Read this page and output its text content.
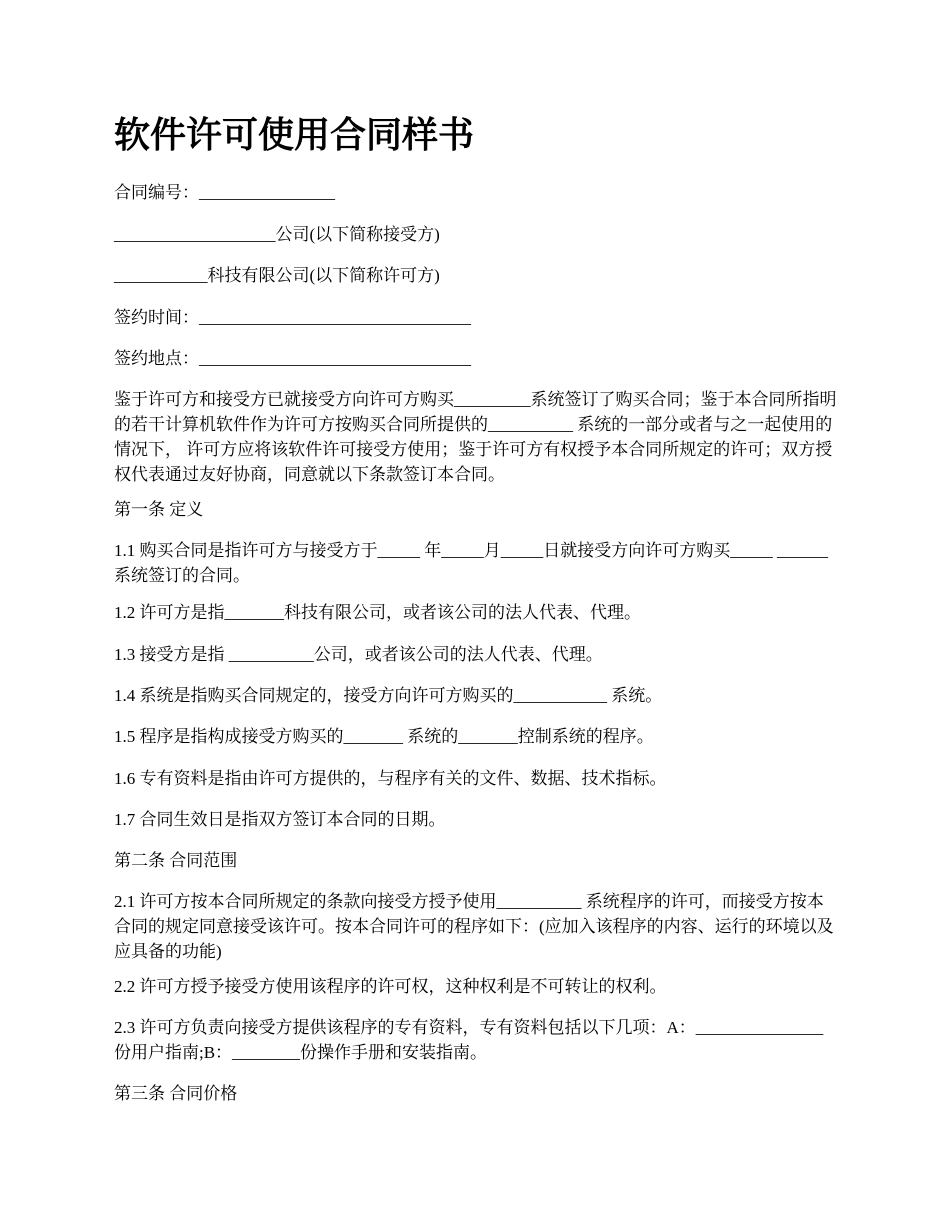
软件许可使用合同样书

合同编号：________________

___________________公司(以下简称接受方)

___________科技有限公司(以下简称许可方)

签约时间：________________________________

签约地点：________________________________

鉴于许可方和接受方已就接受方向许可方购买_________系统签订了购买合同；鉴于本合同所指明的若干计算机软件作为许可方按购买合同所提供的__________ 系统的一部分或者与之一起使用的情况下， 许可方应将该软件许可接受方使用；鉴于许可方有权授予本合同所规定的许可；双方授权代表通过友好协商，同意就以下条款签订本合同。

第一条 定义

1.1 购买合同是指许可方与接受方于_____ 年_____月_____日就接受方向许可方购买_____ ______系统签订的合同。

1.2 许可方是指_______科技有限公司，或者该公司的法人代表、代理。

1.3 接受方是指 __________公司，或者该公司的法人代表、代理。

1.4 系统是指购买合同规定的，接受方向许可方购买的___________ 系统。

1.5 程序是指构成接受方购买的_______ 系统的_______控制系统的程序。

1.6 专有资料是指由许可方提供的，与程序有关的文件、数据、技术指标。

1.7 合同生效日是指双方签订本合同的日期。

第二条 合同范围

2.1 许可方按本合同所规定的条款向接受方授予使用__________ 系统程序的许可，而接受方按本合同的规定同意接受该许可。按本合同许可的程序如下：(应加入该程序的内容、运行的环境以及应具备的功能)

2.2 许可方授予接受方使用该程序的许可权，这种权利是不可转让的权利。

2.3 许可方负责向接受方提供该程序的专有资料，专有资料包括以下几项：A：_______________份用户指南;B：________份操作手册和安装指南。

第三条 合同价格
